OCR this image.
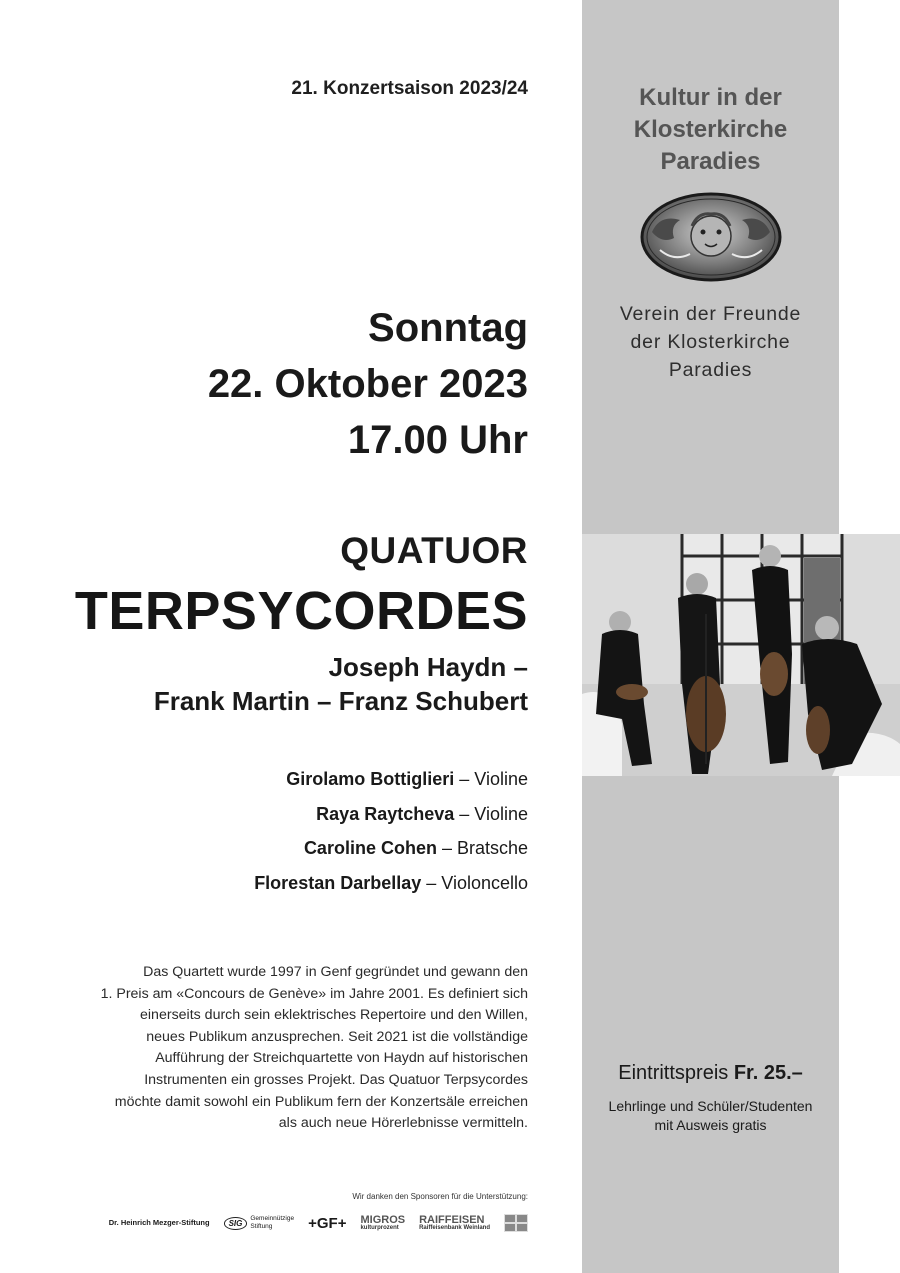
21. Konzertsaison 2023/24
Sonntag
22. Oktober 2023
17.00 Uhr
QUATUOR
TERPSYCORDES
Joseph Haydn –
Frank Martin – Franz Schubert
Girolamo Bottiglieri – Violine
Raya Raytcheva – Violine
Caroline Cohen – Bratsche
Florestan Darbellay – Violoncello
Das Quartett wurde 1997 in Genf gegründet und gewann den
1. Preis am «Concours de Genève» im Jahre 2001. Es definiert sich
einerseits durch sein eklektrisches Repertoire und den Willen,
neues Publikum anzusprechen. Seit 2021 ist die vollständige
Aufführung der Streichquartette von Haydn auf historischen
Instrumenten ein grosses Projekt. Das Quatuor Terpsycordes
möchte damit sowohl ein Publikum fern der Konzertsäle erreichen
als auch neue Hörerlebnisse vermitteln.
Wir danken den Sponsoren für die Unterstützung:
Dr. Heinrich Mezger-Stiftung	SIG	Gemeinnützige
Stiftung	+GF+ MIGROS
kulturprozent
RAIFFEISEN
Raiffeisenbank Weinland
Kultur in der
Klosterkirche
Paradies
Verein der Freunde
der Klosterkirche
Paradies
Eintrittspreis Fr. 25.–
Lehrlinge und Schüler/Studenten
mit Ausweis gratis
